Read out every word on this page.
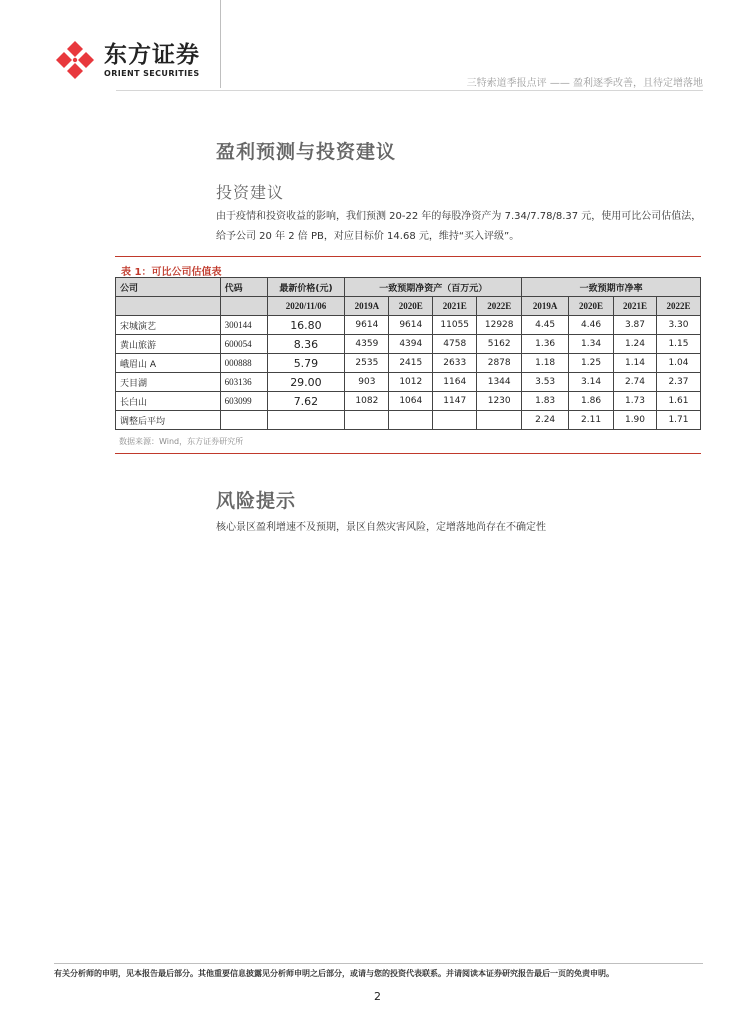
东方证券
ORIENT SECURITIES
三特索道季报点评 —— 盈利逐季改善，且待定增落地
盈利预测与投资建议
投资建议
由于疫情和投资收益的影响，我们预测 20-22 年的每股净资产为 7.34/7.78/8.37 元，使用可比公司估值法，给予公司 20 年 2 倍 PB，对应目标价 14.68 元，维持“买入评级”。
表 1：可比公司估值表
公司	代码	最新价格(元)	一致预期净资产（百万元）				一致预期市净率			
		2020/11/06	2019A	2020E	2021E	2022E	2019A	2020E	2021E	2022E
宋城演艺	300144	16.80	9614	9614	11055	12928	4.45	4.46	3.87	3.30
黄山旅游	600054	8.36	4359	4394	4758	5162	1.36	1.34	1.24	1.15
峨眉山 A	000888	5.79	2535	2415	2633	2878	1.18	1.25	1.14	1.04
天目湖	603136	29.00	903	1012	1164	1344	3.53	3.14	2.74	2.37
长白山	603099	7.62	1082	1064	1147	1230	1.83	1.86	1.73	1.61
调整后平均							2.24	2.11	1.90	1.71
数据来源：Wind，东方证券研究所
风险提示
核心景区盈利增速不及预期，景区自然灾害风险，定增落地尚存在不确定性
有关分析师的申明，见本报告最后部分。其他重要信息披露见分析师申明之后部分，或请与您的投资代表联系。并请阅读本证券研究报告最后一页的免责申明。
2
